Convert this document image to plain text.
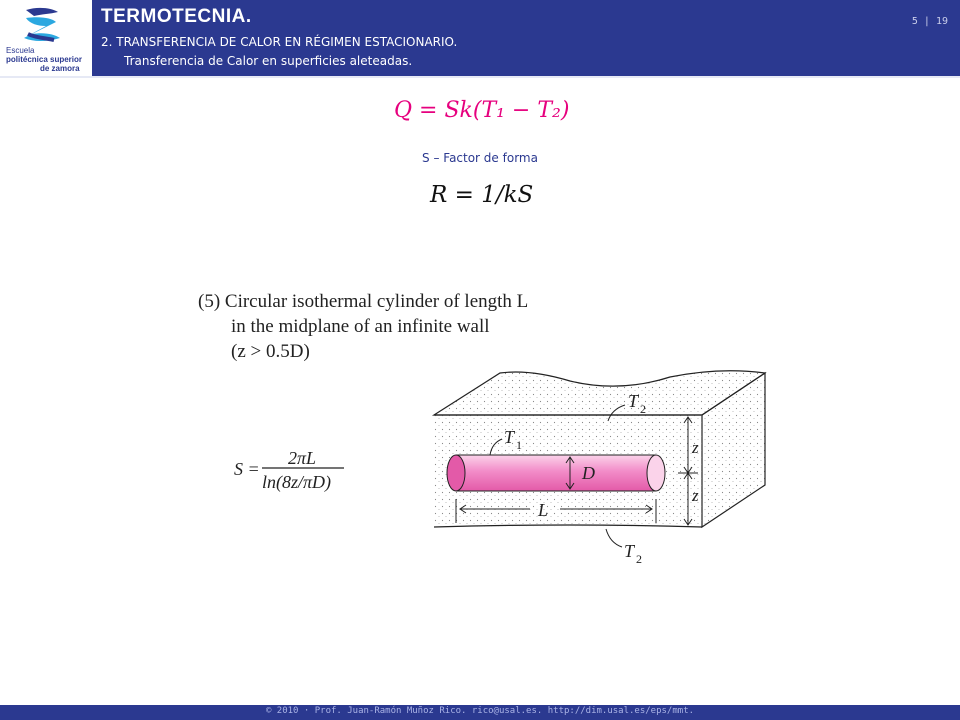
Escuela
politécnica superior
de zamora
TERMOTECNIA.
2. TRANSFERENCIA DE CALOR EN RÉGIMEN ESTACIONARIO.
Transferencia de Calor en superficies aleteadas.
5 | 19
Q = Sk(T₁ − T₂)
S – Factor de forma
R = 1/kS
(5) Circular isothermal cylinder of length L
in the midplane of an infinite wall
(z > 0.5D)
S =
2πL
ln(8z/πD)	D
L
z
z
T 2
T 1
T 2
© 2010 · Prof. Juan-Ramón Muñoz Rico. rico@usal.es. http://dim.usal.es/eps/mmt.
